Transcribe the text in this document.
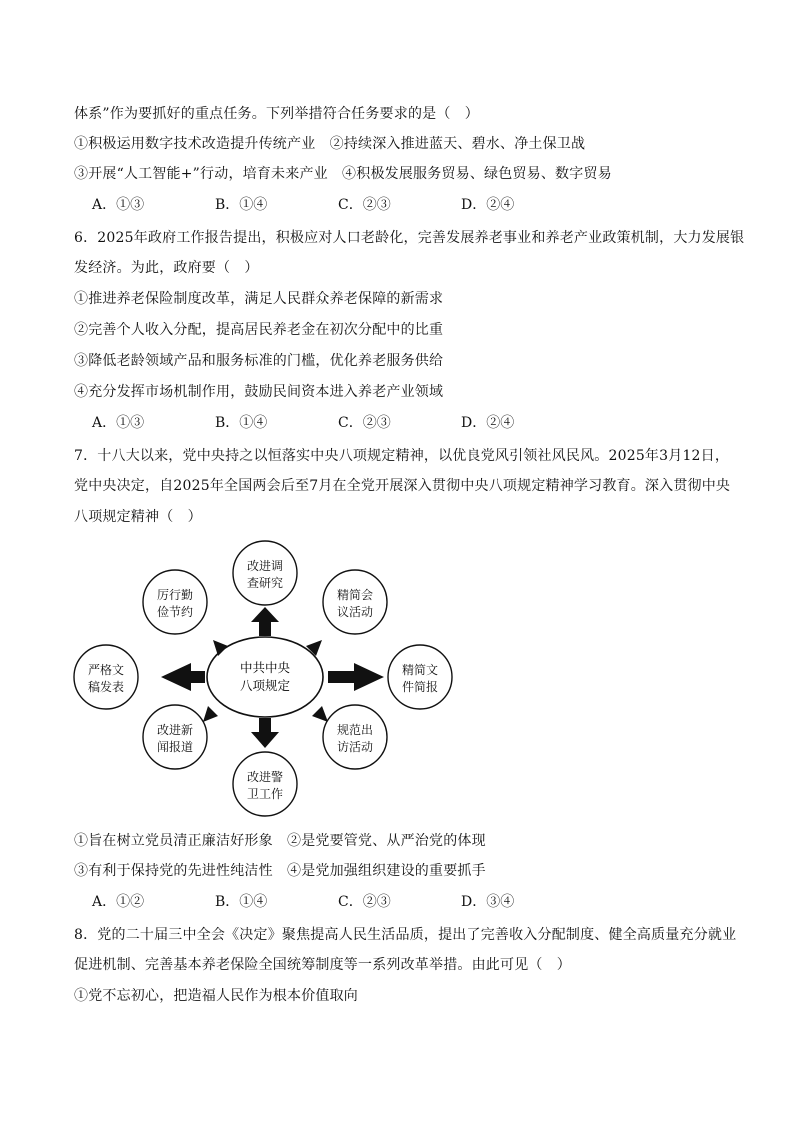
体系”作为要抓好的重点任务。下列举措符合任务要求的是（　）
①积极运用数字技术改造提升传统产业　②持续深入推进蓝天、碧水、净土保卫战
③开展“人工智能+”行动，培育未来产业　④积极发展服务贸易、绿色贸易、数字贸易
A．①③	B．①④	C．②③	D．②④
6．2025年政府工作报告提出，积极应对人口老龄化，完善发展养老事业和养老产业政策机制，大力发展银
发经济。为此，政府要（　）
①推进养老保险制度改革，满足人民群众养老保障的新需求
②完善个人收入分配，提高居民养老金在初次分配中的比重
③降低老龄领域产品和服务标准的门槛，优化养老服务供给
④充分发挥市场机制作用，鼓励民间资本进入养老产业领域
A．①③	B．①④	C．②③	D．②④
7．十八大以来，党中央持之以恒落实中央八项规定精神，以优良党风引领社风民风。2025年3月12日，
党中央决定，自2025年全国两会后至7月在全党开展深入贯彻中央八项规定精神学习教育。深入贯彻中央
八项规定精神（　）
中共中央
八项规定
改进调
查研究
精简会
议活动
精简文
件简报
规范出
访活动
改进警
卫工作
改进新
闻报道
严格文
稿发表
厉行勤
俭节约
①旨在树立党员清正廉洁好形象　②是党要管党、从严治党的体现
③有利于保持党的先进性纯洁性　④是党加强组织建设的重要抓手
A．①②	B．①④	C．②③	D．③④
8．党的二十届三中全会《决定》聚焦提高人民生活品质，提出了完善收入分配制度、健全高质量充分就业
促进机制、完善基本养老保险全国统筹制度等一系列改革举措。由此可见（　）
①党不忘初心，把造福人民作为根本价值取向
